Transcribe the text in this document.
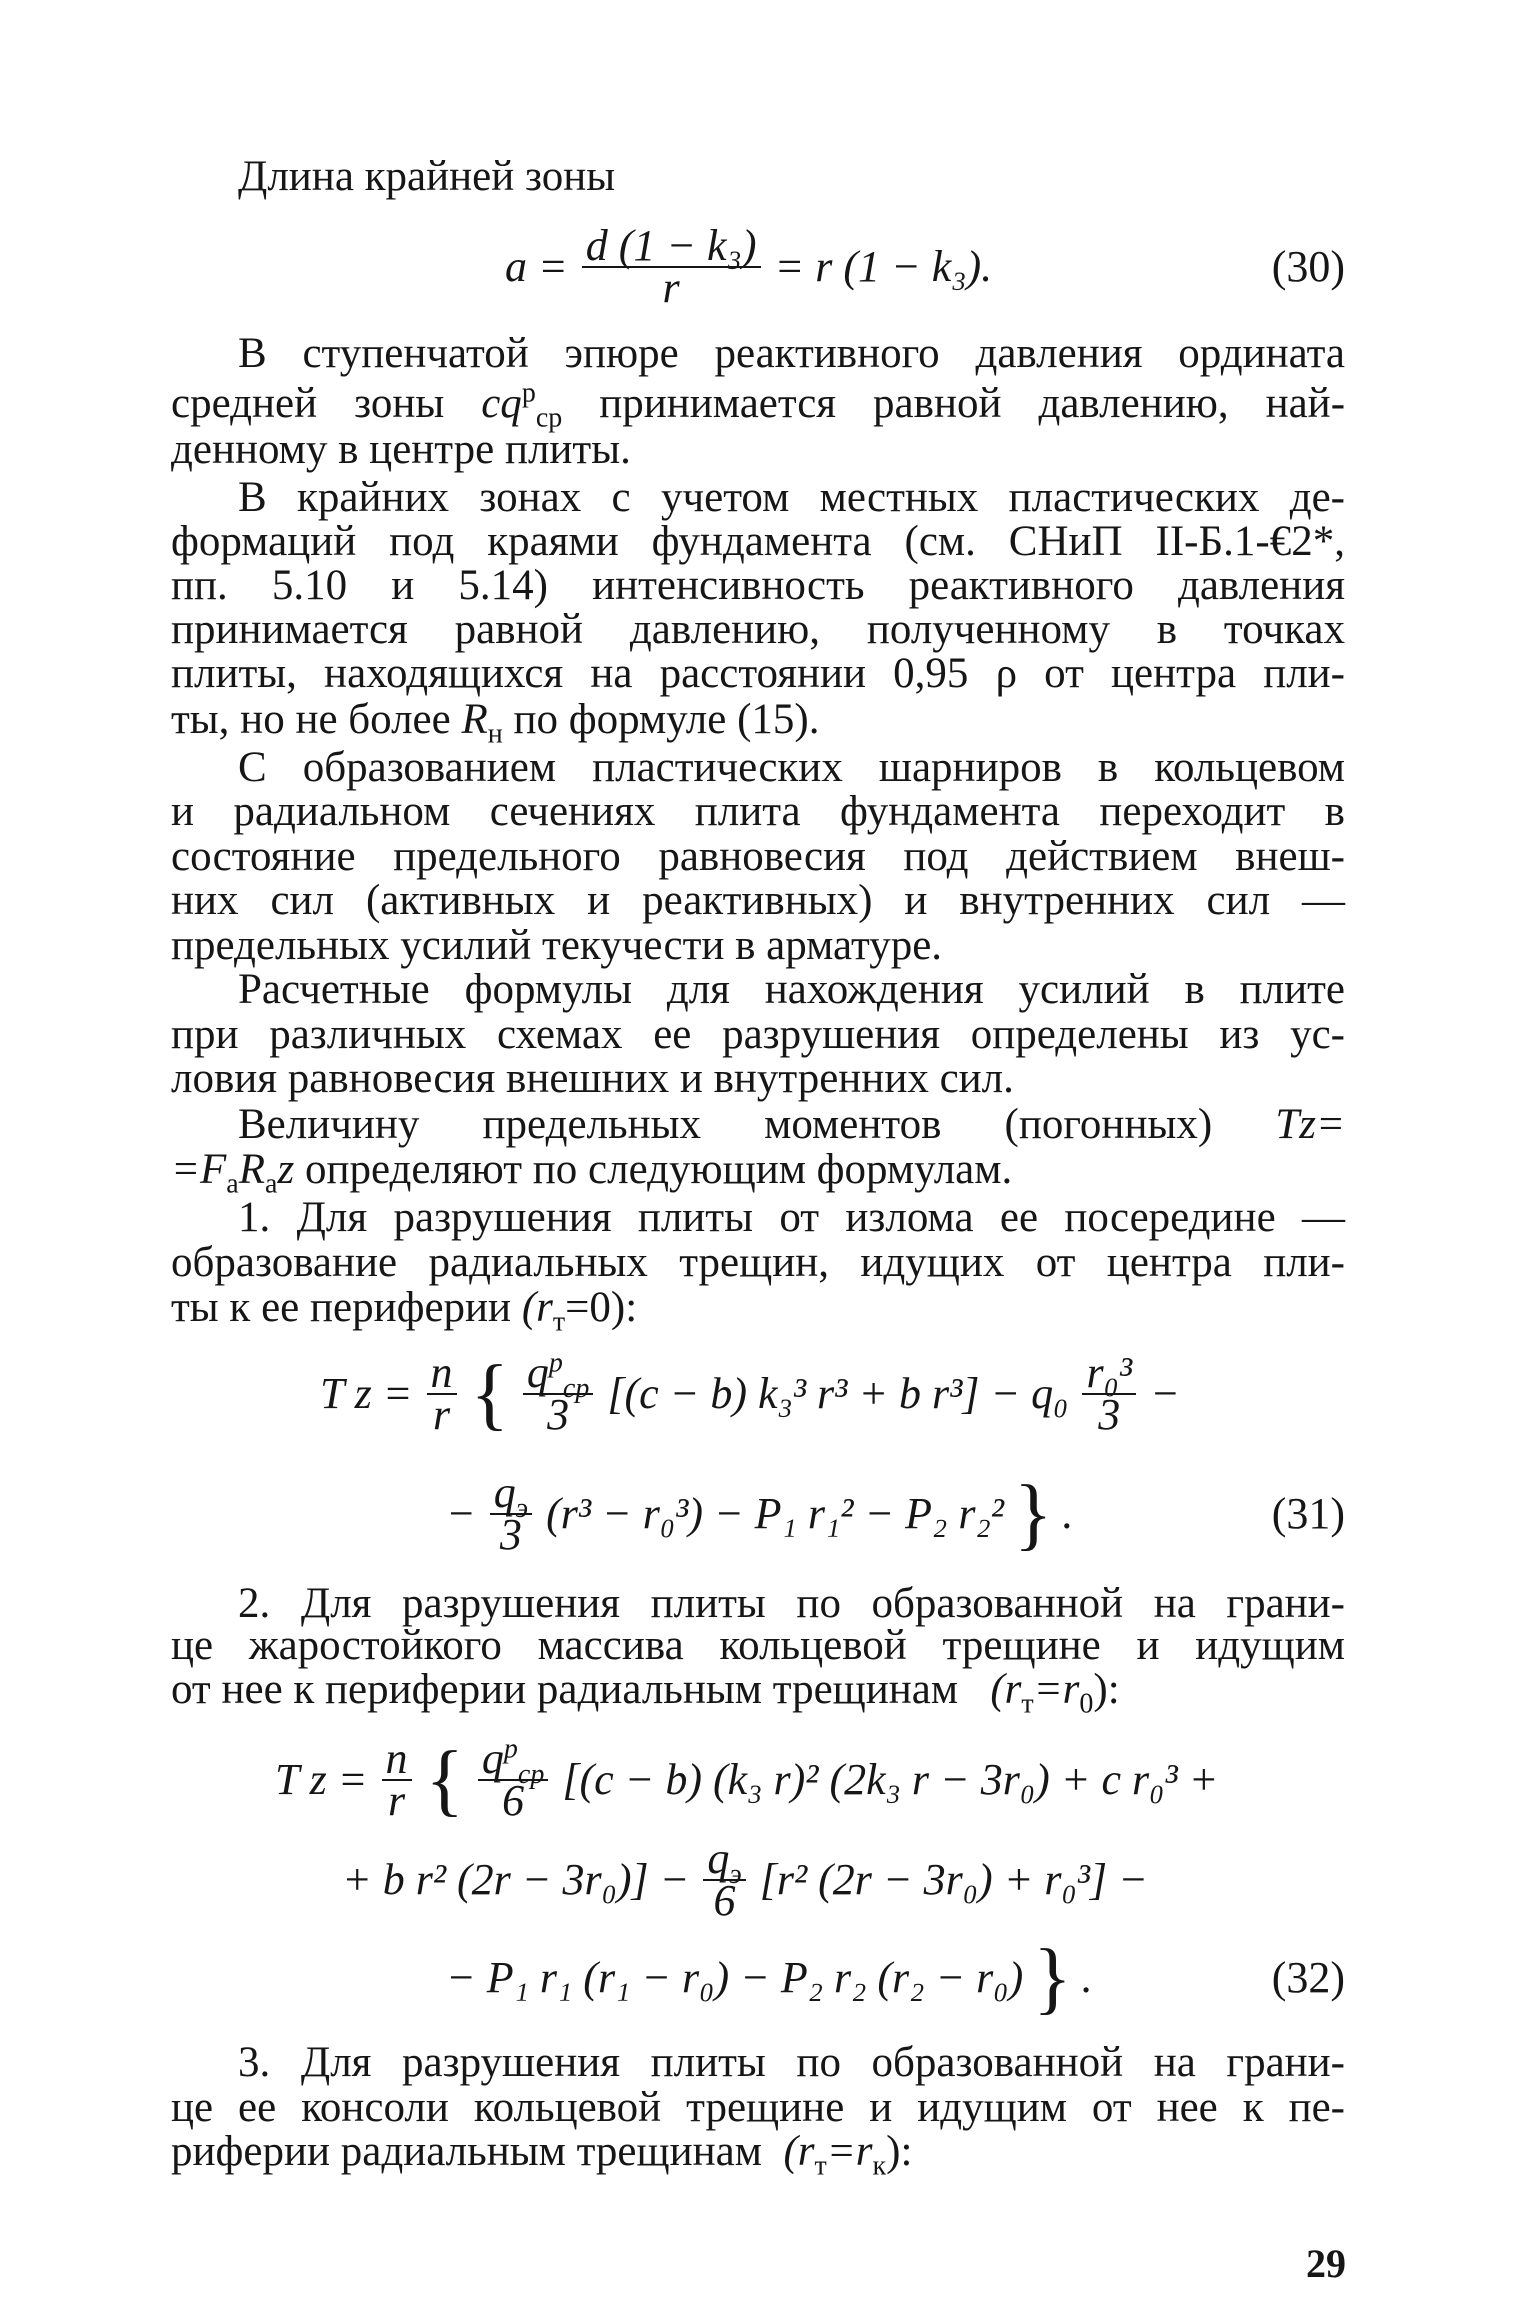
Длина крайней зоны
$a = \frac{\text{d (1 − k₃)}}{r} = r$ (1 − k₃).	(30)
В ступенчатой эпюре реактивного давления ордината
средней зоны $cq^р_{ср}$ принимается равной давлению, най-
денному в центре плиты.
В крайних зонах с учетом местных пластических де-
формаций под краями фундамента (см. СНиП II-Б.1-€2*,
пп. 5.10 и 5.14) интенсивность реактивного давления
принимается равной давлению, полученному в точках
плиты, находящихся на расстоянии 0,95 ρ от центра пли-
ты, но не более $R_н$ по формуле (15).
С образованием пластических шарниров в кольцевом
и радиальном сечениях плита фундамента переходит в
состояние предельного равновесия под действием внеш-
них сил (активных и реактивных) и внутренних сил —
предельных усилий текучести в арматуре.
Расчетные формулы для нахождения усилий в плите
при различных схемах ее разрушения определены из ус-
ловия равновесия внешних и внутренних сил.
Величину предельных моментов (погонных) Tz=
$=F_аR_аz$ определяют по следующим формулам.
1. Для разрушения плиты от излома ее посередине —
образование радиальных трещин, идущих от центра пли-
ты к ее периферии $(r_т=0)$:
T $z = \frac{n}{r}$ { $\frac{q^р_{ср}}{3} [(c - b)$ k₃³ r³ + b $r^3] - q_0 \frac{\text{r₀³}}{3}$ −
− $\frac{q_э}{3} (r^3 - r_0^3) - P_1$ r₁² − P₂ r₂² } .	(31)
2. Для разрушения плиты по образованной на грани-
це жаростойкого массива кольцевой трещине и идущим
от нее к периферии радиальным трещинам $(r_т=r_0)$:
T $z = \frac{n}{r}$ { $\frac{q^р_{ср}}{6} [(c - b)$ (k₃ r)² (2k₃ r − 3r₀) + c r₀³ +
+ b r² $(2r - 3r_0)] - \frac{q_э}{6} [r^2$ (2r − 3r₀) + r₀³] −
− P₁ r₁ (r₁ − r₀) − P₂ r₂ (r₂ − r₀) } .	(32)
3. Для разрушения плиты по образованной на грани-
це ее консоли кольцевой трещине и идущим от нее к пе-
риферии радиальным трещинам $(r_т=r_к)$:
29
